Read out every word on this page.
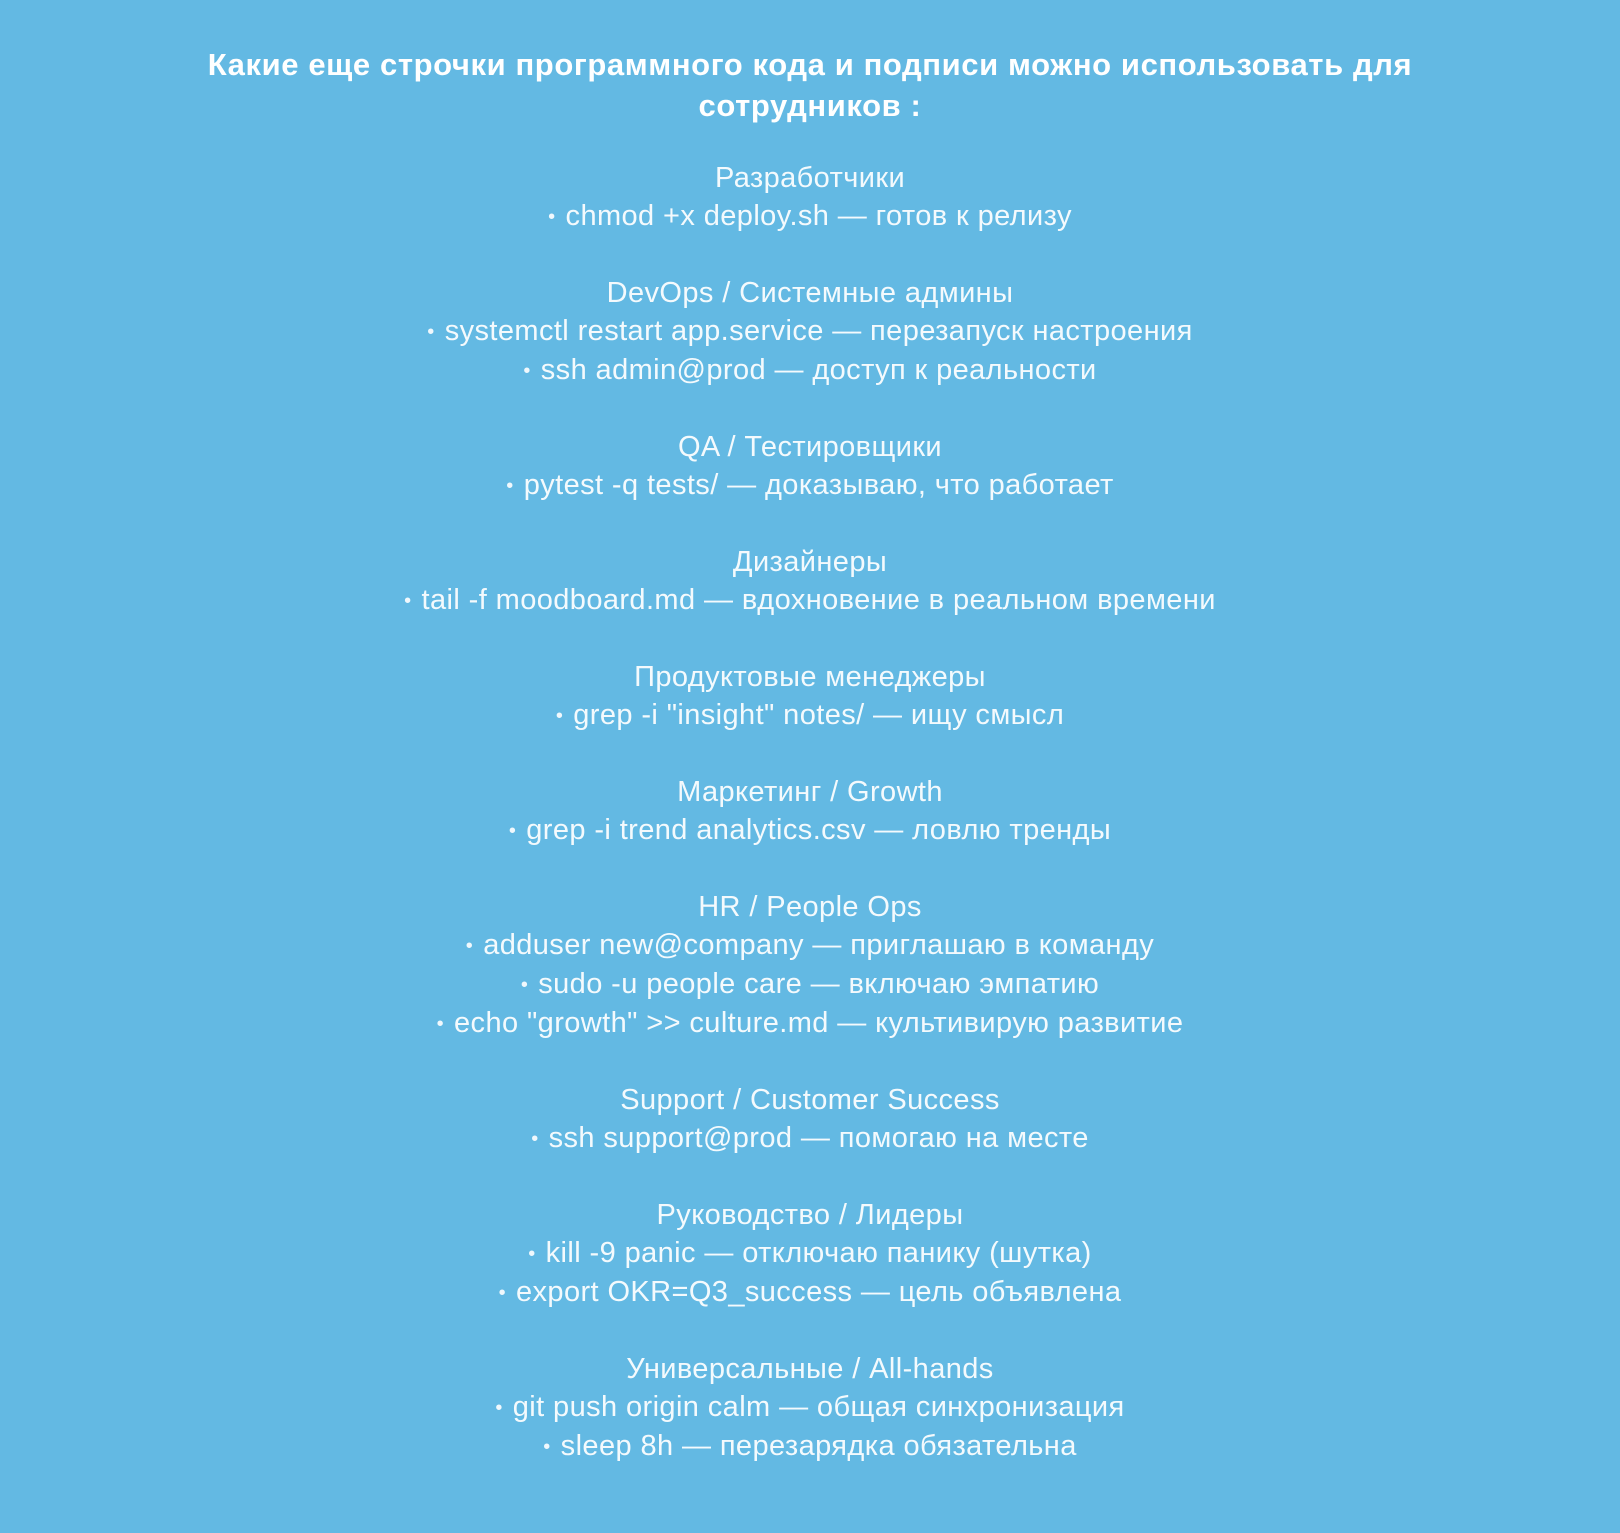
Какие еще строчки программного кода и подписи можно использовать для сотрудников :
Разработчики
• chmod +x deploy.sh — готов к релизу
DevOps / Системные админы
• systemctl restart app.service — перезапуск настроения
• ssh admin@prod — доступ к реальности
QA / Тестировщики
• pytest -q tests/ — доказываю, что работает
Дизайнеры
• tail -f moodboard.md — вдохновение в реальном времени
Продуктовые менеджеры
• grep -i "insight" notes/ — ищу смысл
Маркетинг / Growth
• grep -i trend analytics.csv — ловлю тренды
HR / People Ops
• adduser new@company — приглашаю в команду
• sudo -u people care — включаю эмпатию
• echo "growth" >> culture.md — культивирую развитие
Support / Customer Success
• ssh support@prod — помогаю на месте
Руководство / Лидеры
• kill -9 panic — отключаю панику (шутка)
• export OKR=Q3_success — цель объявлена
Универсальные / All-hands
• git push origin calm — общая синхронизация
• sleep 8h — перезарядка обязательна
